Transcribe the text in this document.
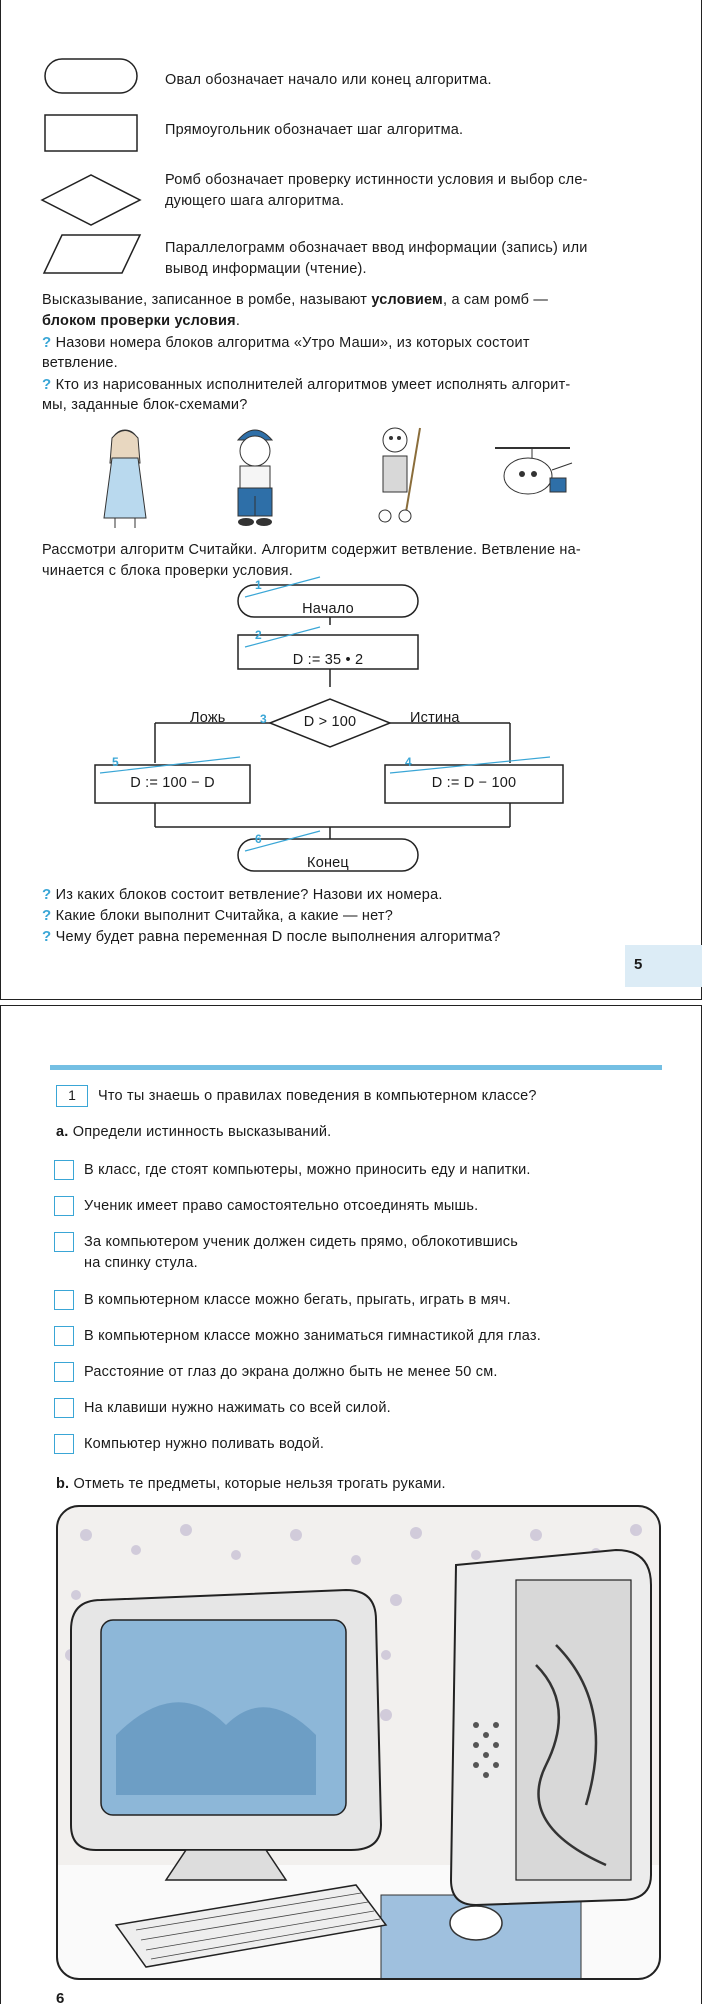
Овал обозначает начало или конец алгоритма.
Прямоугольник обозначает шаг алгоритма.
Ромб обозначает проверку истинности условия и выбор сле-
дующего шага алгоритма.
Параллелограмм обозначает ввод информации (запись) или
вывод информации (чтение).
Высказывание, записанное в ромбе, называют условием, а сам ромб —
блоком проверки условия.
? Назови номера блоков алгоритма «Утро Маши», из которых состоит
ветвление.
? Кто из нарисованных исполнителей алгоритмов умеет исполнять алгорит-
мы, заданные блок-схемами?
Рассмотри алгоритм Считайки. Алгоритм содержит ветвление. Ветвление на-
чинается с блока проверки условия.
1
Начало
2
D := 35 • 2
3	D > 100
Ложь	Истина
5
D := 100 − D
4
D := D − 100
6
Конец
? Из каких блоков состоит ветвление? Назови их номера.
? Какие блоки выполнит Считайка, а какие — нет?
? Чему будет равна переменная D после выполнения алгоритма?
5
1	Что ты знаешь о правилах поведения в компьютерном классе?
a. Определи истинность высказываний.
В класс, где стоят компьютеры, можно приносить еду и напитки.
Ученик имеет право самостоятельно отсоединять мышь.
За компьютером ученик должен сидеть прямо, облокотившись
на спинку стула.
В компьютерном классе можно бегать, прыгать, играть в мяч.
В компьютерном классе можно заниматься гимнастикой для глаз.
Расстояние от глаз до экрана должно быть не менее 50 см.
На клавиши нужно нажимать со всей силой.
Компьютер нужно поливать водой.
b. Отметь те предметы, которые нельзя трогать руками.
6
